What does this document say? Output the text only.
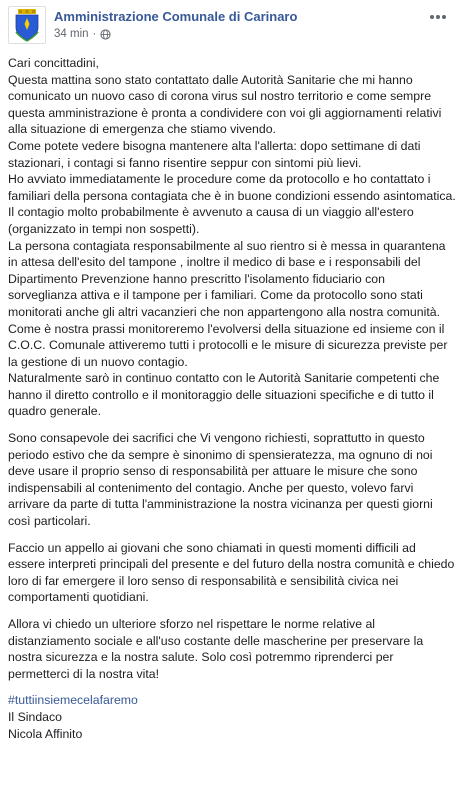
Amministrazione Comunale di Carinaro
34 min ·

Cari concittadini,

Questa mattina sono stato contattato dalle Autorità Sanitarie che mi hanno comunicato un nuovo caso di corona virus sul nostro territorio e come sempre questa amministrazione è pronta a condividere con voi gli aggiornamenti relativi alla situazione di emergenza che stiamo vivendo.

Come potete vedere bisogna mantenere alta l'allerta: dopo settimane di dati stazionari, i contagi si fanno risentire seppur con sintomi più lievi.

Ho avviato immediatamente le procedure come da protocollo e ho contattato i familiari della persona contagiata che è in buone condizioni essendo asintomatica. Il contagio molto probabilmente è avvenuto a causa di un viaggio all'estero (organizzato in tempi non sospetti).

La persona contagiata responsabilmente al suo rientro si è messa in quarantena in attesa dell'esito del tampone , inoltre il medico di base e i responsabili del Dipartimento Prevenzione hanno prescritto l'isolamento fiduciario con sorveglianza attiva e il tampone per i familiari. Come da protocollo sono stati monitorati anche gli altri vacanzieri che non appartengono alla nostra comunità.

Come è nostra prassi monitoreremo l'evolversi della situazione ed insieme con il C.O.C. Comunale attiveremo tutti i protocolli e le misure di sicurezza previste per la gestione di un nuovo contagio.

Naturalmente sarò in continuo contatto con le Autorità Sanitarie competenti che hanno il diretto controllo e il monitoraggio delle situazioni specifiche e di tutto il quadro generale.

Sono consapevole dei sacrifici che Vi vengono richiesti, soprattutto in questo periodo estivo che da sempre è sinonimo di spensieratezza, ma ognuno di noi deve usare il proprio senso di responsabilità per attuare le misure che sono indispensabili al contenimento del contagio. Anche per questo, volevo farvi arrivare da parte di tutta l'amministrazione la nostra vicinanza per questi giorni così particolari.

Faccio un appello ai giovani che sono chiamati in questi momenti difficili ad essere interpreti principali del presente e del futuro della nostra comunità e chiedo loro di far emergere il loro senso di responsabilità e sensibilità civica nei comportamenti quotidiani.

Allora vi chiedo un ulteriore sforzo nel rispettare le norme relative al distanziamento sociale e all'uso costante delle mascherine per preservare la nostra sicurezza e la nostra salute. Solo così potremmo riprenderci per permetterci di la nostra vita!

#tuttiinsiemecelafaremo

Il Sindaco

Nicola Affinito
